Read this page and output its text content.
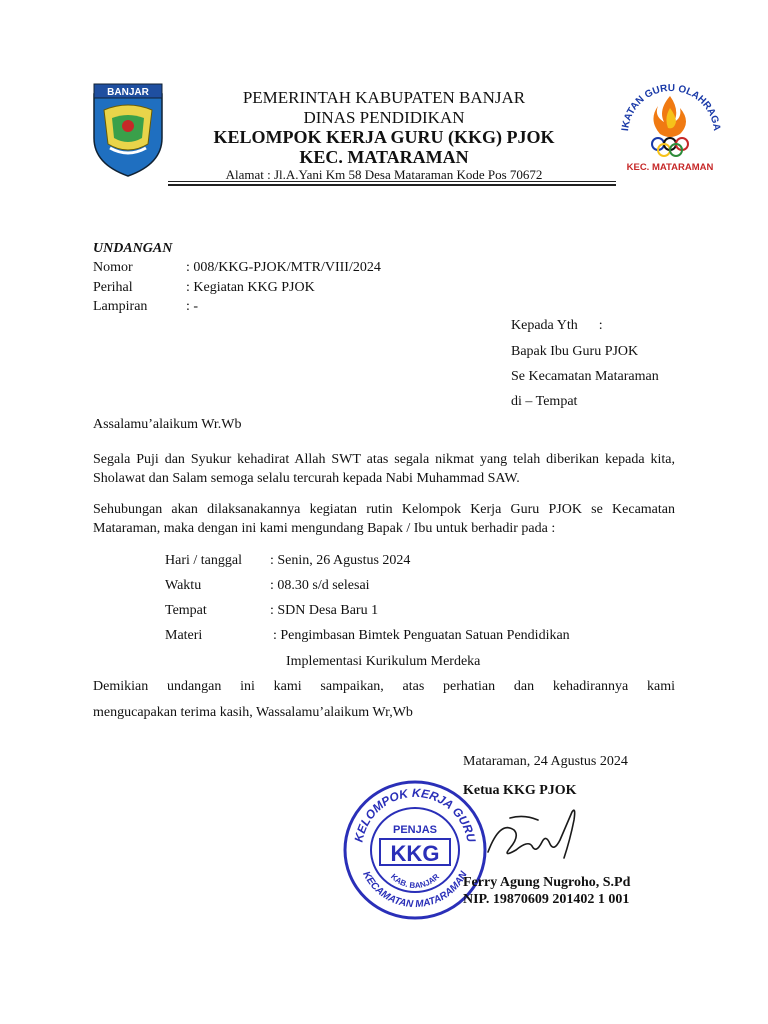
BANJAR
IKATAN GURU OLAHRAGA
KEC. MATARAMAN
PEMERINTAH KABUPATEN BANJAR
DINAS PENDIDIKAN
KELOMPOK KERJA GURU (KKG) PJOK
KEC. MATARAMAN
Alamat : Jl.A.Yani Km 58 Desa Mataraman Kode Pos 70672
UNDANGAN
Nomor	: 008/KKG-PJOK/MTR/VIII/2024
Perihal	: Kegiatan KKG PJOK
Lampiran	: -
Kepada Yth      :
Bapak Ibu Guru PJOK
Se Kecamatan Mataraman
di – Tempat
Assalamu’alaikum Wr.Wb
Segala Puji dan Syukur kehadirat Allah SWT atas segala nikmat yang telah diberikan kepada kita, Sholawat dan Salam semoga selalu tercurah kepada Nabi Muhammad SAW.
Sehubungan akan dilaksanakannya kegiatan rutin Kelompok Kerja Guru PJOK se Kecamatan Mataraman, maka dengan ini kami mengundang Bapak / Ibu untuk berhadir pada :
Hari / tanggal : Senin, 26 Agustus 2024
Waktu	: 08.30 s/d selesai
Tempat	: SDN Desa Baru 1
Materi	: Pengimbasan Bimtek Penguatan Satuan Pendidikan
Implementasi Kurikulum Merdeka
Demikian undangan ini kami sampaikan, atas perhatian dan kehadirannya kami
mengucapakan terima kasih, Wassalamu’alaikum Wr,Wb
Mataraman, 24 Agustus 2024
Ketua KKG PJOK
KELOMPOK KERJA GURU
KECAMATAN MATARAMAN
PENJAS
KKG
KAB. BANJAR Ferry Agung Nugroho, S.Pd
NIP. 19870609 201402 1 001
